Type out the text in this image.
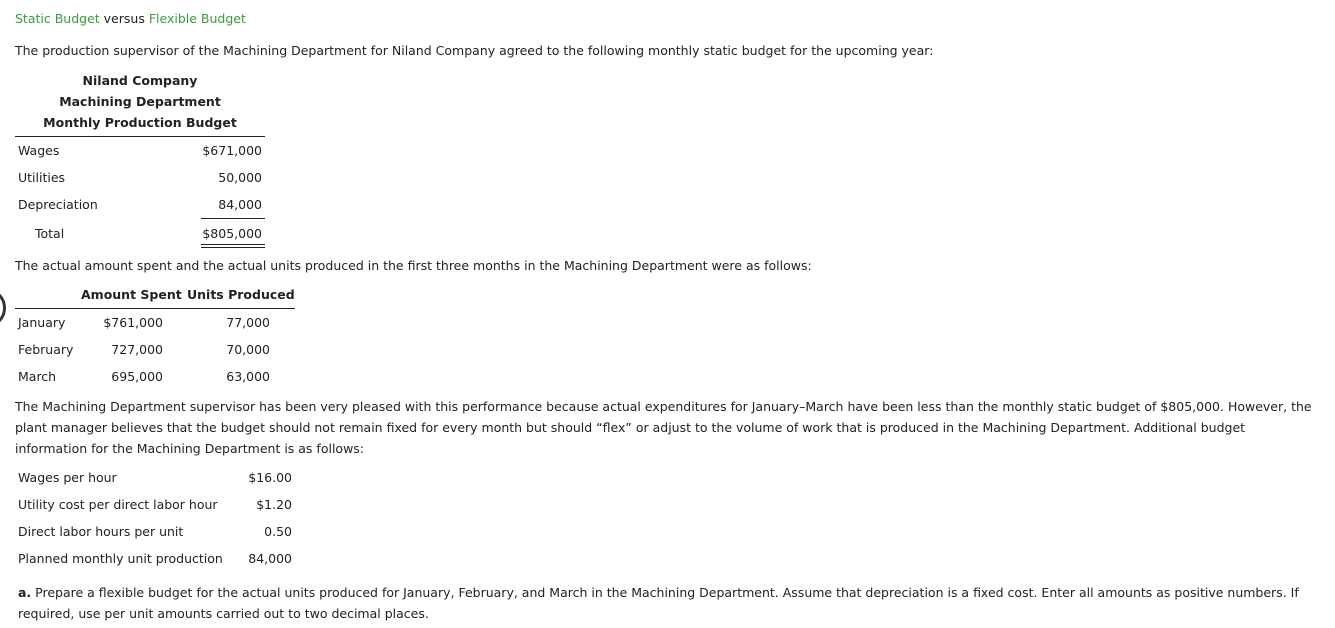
Static Budget versus Flexible Budget
The production supervisor of the Machining Department for Niland Company agreed to the following monthly static budget for the upcoming year:
Niland Company
Machining Department
Monthly Production Budget
Wages	$671,000
Utilities	50,000
Depreciation	84,000
Total	$805,000
The actual amount spent and the actual units produced in the first three months in the Machining Department were as follows:
Amount Spent Units Produced
January	$761,000	77,000
February	727,000	70,000
March	695,000	63,000
The Machining Department supervisor has been very pleased with this performance because actual expenditures for January–March have been less than the monthly static budget of $805,000. However, the plant manager believes that the budget should not remain fixed for every month but should “flex” or adjust to the volume of work that is produced in the Machining Department. Additional budget information for the Machining Department is as follows:
Wages per hour	$16.00
Utility cost per direct labor hour	$1.20
Direct labor hours per unit	0.50
Planned monthly unit production	84,000
a. Prepare a flexible budget for the actual units produced for January, February, and March in the Machining Department. Assume that depreciation is a fixed cost. Enter all amounts as positive numbers. If required, use per unit amounts carried out to two decimal places.
